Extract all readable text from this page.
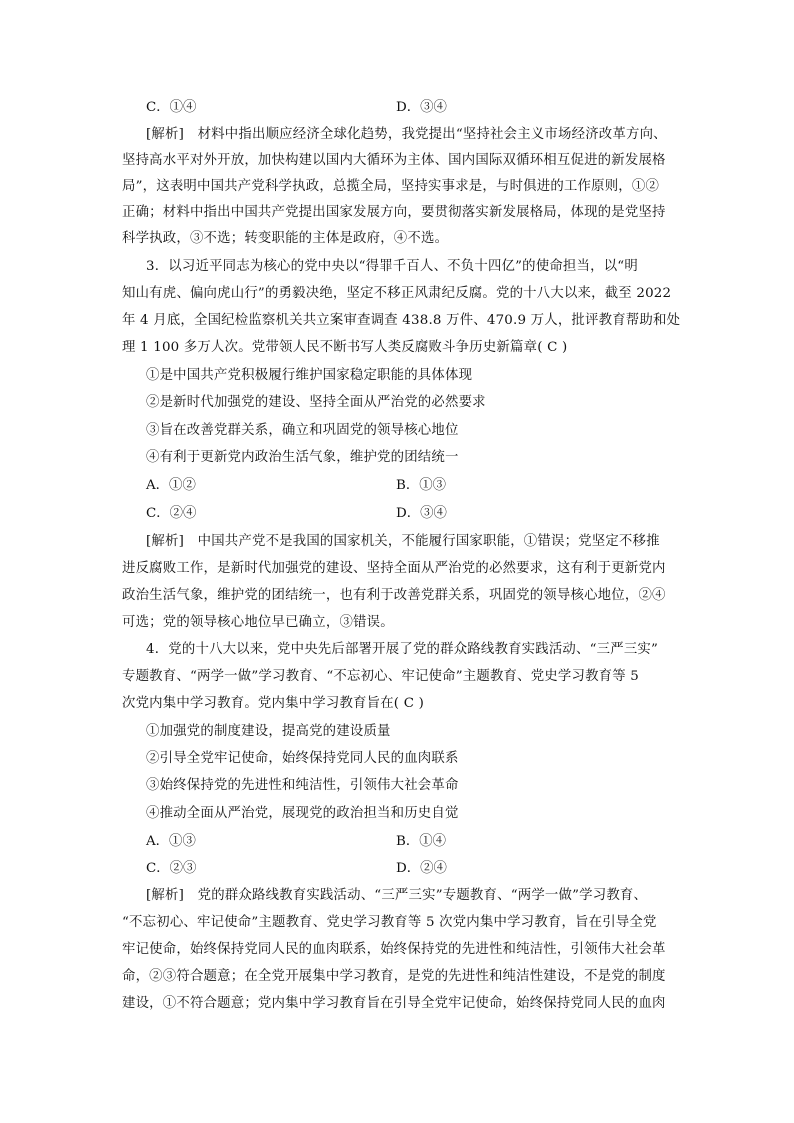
C．①④	D．③④
[解析]　材料中指出顺应经济全球化趋势，我党提出“坚持社会主义市场经济改革方向、
坚持高水平对外开放，加快构建以国内大循环为主体、国内国际双循环相互促进的新发展格
局”，这表明中国共产党科学执政，总揽全局，坚持实事求是，与时俱进的工作原则，①②
正确；材料中指出中国共产党提出国家发展方向，要贯彻落实新发展格局，体现的是党坚持
科学执政，③不选；转变职能的主体是政府，④不选。
3．以习近平同志为核心的党中央以“得罪千百人、不负十四亿”的使命担当，以“明
知山有虎、偏向虎山行”的勇毅决绝，坚定不移正风肃纪反腐。党的十八大以来，截至 2022
年 4 月底，全国纪检监察机关共立案审查调查 438.8 万件、470.9 万人，批评教育帮助和处
理 1 100 多万人次。党带领人民不断书写人类反腐败斗争历史新篇章( C )
①是中国共产党积极履行维护国家稳定职能的具体体现
②是新时代加强党的建设、坚持全面从严治党的必然要求
③旨在改善党群关系，确立和巩固党的领导核心地位
④有利于更新党内政治生活气象，维护党的团结统一
A．①②	B．①③
C．②④	D．③④
[解析]　中国共产党不是我国的国家机关，不能履行国家职能，①错误；党坚定不移推
进反腐败工作，是新时代加强党的建设、坚持全面从严治党的必然要求，这有利于更新党内
政治生活气象，维护党的团结统一，也有利于改善党群关系，巩固党的领导核心地位，②④
可选；党的领导核心地位早已确立，③错误。
4．党的十八大以来，党中央先后部署开展了党的群众路线教育实践活动、“三严三实”
专题教育、“两学一做”学习教育、“不忘初心、牢记使命”主题教育、党史学习教育等 5
次党内集中学习教育。党内集中学习教育旨在( C )
①加强党的制度建设，提高党的建设质量
②引导全党牢记使命，始终保持党同人民的血肉联系
③始终保持党的先进性和纯洁性，引领伟大社会革命
④推动全面从严治党，展现党的政治担当和历史自觉
A．①③	B．①④
C．②③	D．②④
[解析]　党的群众路线教育实践活动、“三严三实”专题教育、“两学一做”学习教育、
“不忘初心、牢记使命”主题教育、党史学习教育等 5 次党内集中学习教育，旨在引导全党
牢记使命，始终保持党同人民的血肉联系，始终保持党的先进性和纯洁性，引领伟大社会革
命，②③符合题意；在全党开展集中学习教育，是党的先进性和纯洁性建设，不是党的制度
建设，①不符合题意；党内集中学习教育旨在引导全党牢记使命，始终保持党同人民的血肉
